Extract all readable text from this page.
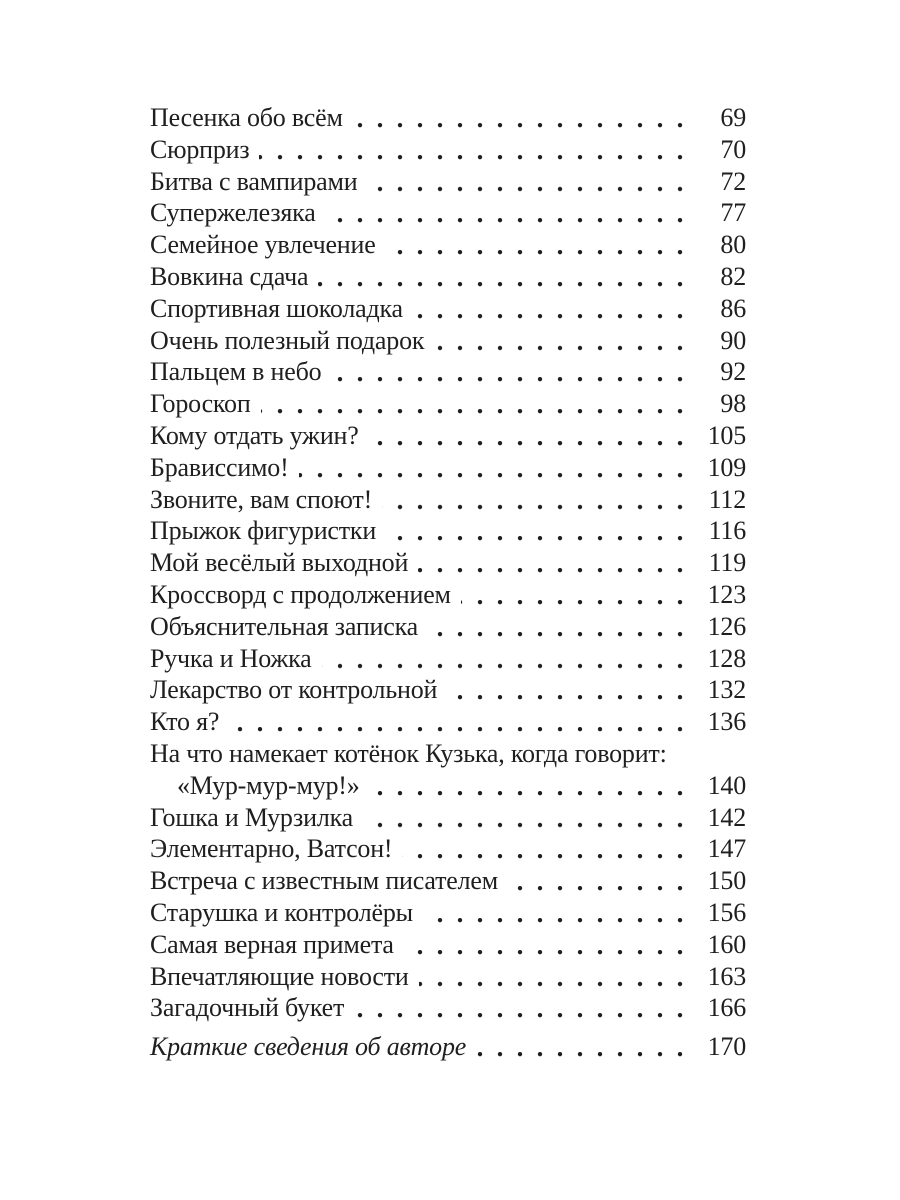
Песенка обо всём	69
Сюрприз	70
Битва с вампирами	72
Супержелезяка	77
Семейное увлечение	80
Вовкина сдача	82
Спортивная шоколадка	86
Очень полезный подарок	90
Пальцем в небо	92
Гороскоп	98
Кому отдать ужин?	105
Брависсимо!	109
Звоните, вам споют!	112
Прыжок фигуристки	116
Мой весёлый выходной	119
Кроссворд с продолжением	123
Объяснительная записка	126
Ручка и Ножка	128
Лекарство от контрольной	132
Кто я?	136
На что намекает котёнок Кузька, когда говорит:
«Мур-мур-мур!»	140
Гошка и Мурзилка	142
Элементарно, Ватсон!	147
Встреча с известным писателем	150
Старушка и контролёры	156
Самая верная примета	160
Впечатляющие новости	163
Загадочный букет	166
Краткие сведения об авторе	170
